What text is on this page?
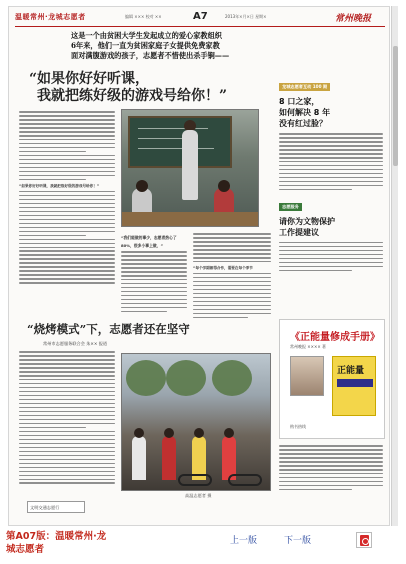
温暖常州·龙城志愿者	编辑 ××× 校对 ××	A7	2013年×月×日 星期×	常州晚报
这是一个由贫困大学生发起成立的爱心家教组织
6年来，他们一直为贫困家庭子女提供免费家教
面对满腹游戏的孩子，志愿者不惜使出杀手锏——
“如果你好好听课，
我就把练好级的游戏号给你！”
“如果你好好听课，我就把练好级的游戏号给你！”
“我们能做的事少，志愿者热心了
80%，很多小事上做，”
“每个学期都得合作，需要在每个季节
龙城志愿者互动 100 期
8 口之家，
如何解决 8 年
没有红过脸？
志愿服务
请你为文物保护
工作提建议
《正能量修成手册》
常州晚报 ×××× 著
正能量
购书热线
“烧烤模式”下，志愿者还在坚守
常州市志愿服务联合会 朱×× 报道
高温志愿者 摄
文明交通志愿行
第A07版：温暖常州·龙
城志愿者
上一版	下一版
